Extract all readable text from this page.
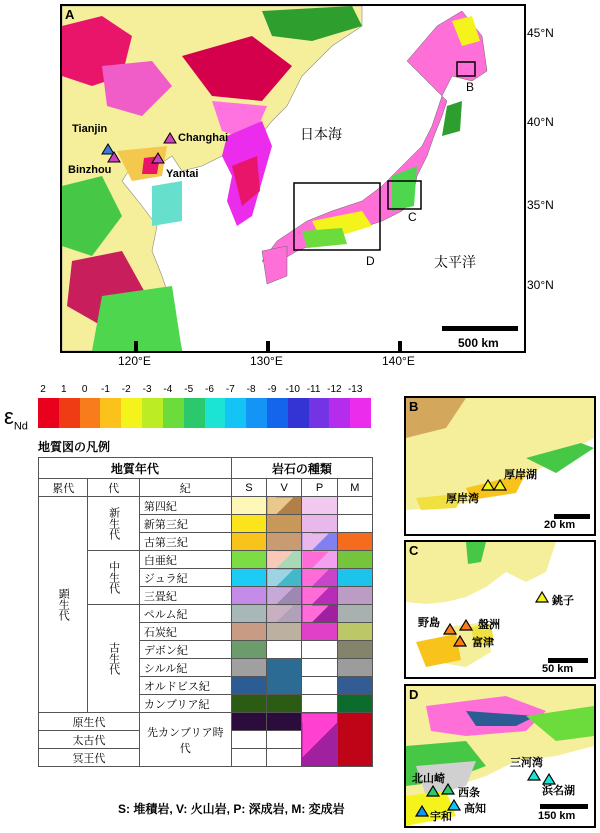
A
Tianjin
Binzhou
Changhai
Yantai
日本海
太平洋
B
C
D
500 km
45°N
40°N
35°N
30°N
120°E	130°E	140°E
2	1	0	-1	-2	-3	-4	-5	-6	-7	-8	-9 -10 -11 -12 -13
$\varepsilon_{Nd}$
地質図の凡例
地質年代			岩石の種類			
累代	代	紀	S	V	P	M
顕生代	新生代	第四紀				
		新第三紀				
		古第三紀				
	中生代	白亜紀				
		ジュラ紀				
		三畳紀				
	古生代	ペルム紀				
		石炭紀				
		デボン紀				
		シルル紀				
		オルドビス紀				
		カンブリア紀				
原生代		先カンブリア時代				
太古代						
冥王代						
S: 堆積岩, V: 火山岩, P: 深成岩, M: 変成岩
B
厚岸湖
厚岸湾
20 km
C
銚子
野島	盤洲
富津
50 km
D
三河湾
浜名湖
北山崎
西条
高知
宇和	150 km
